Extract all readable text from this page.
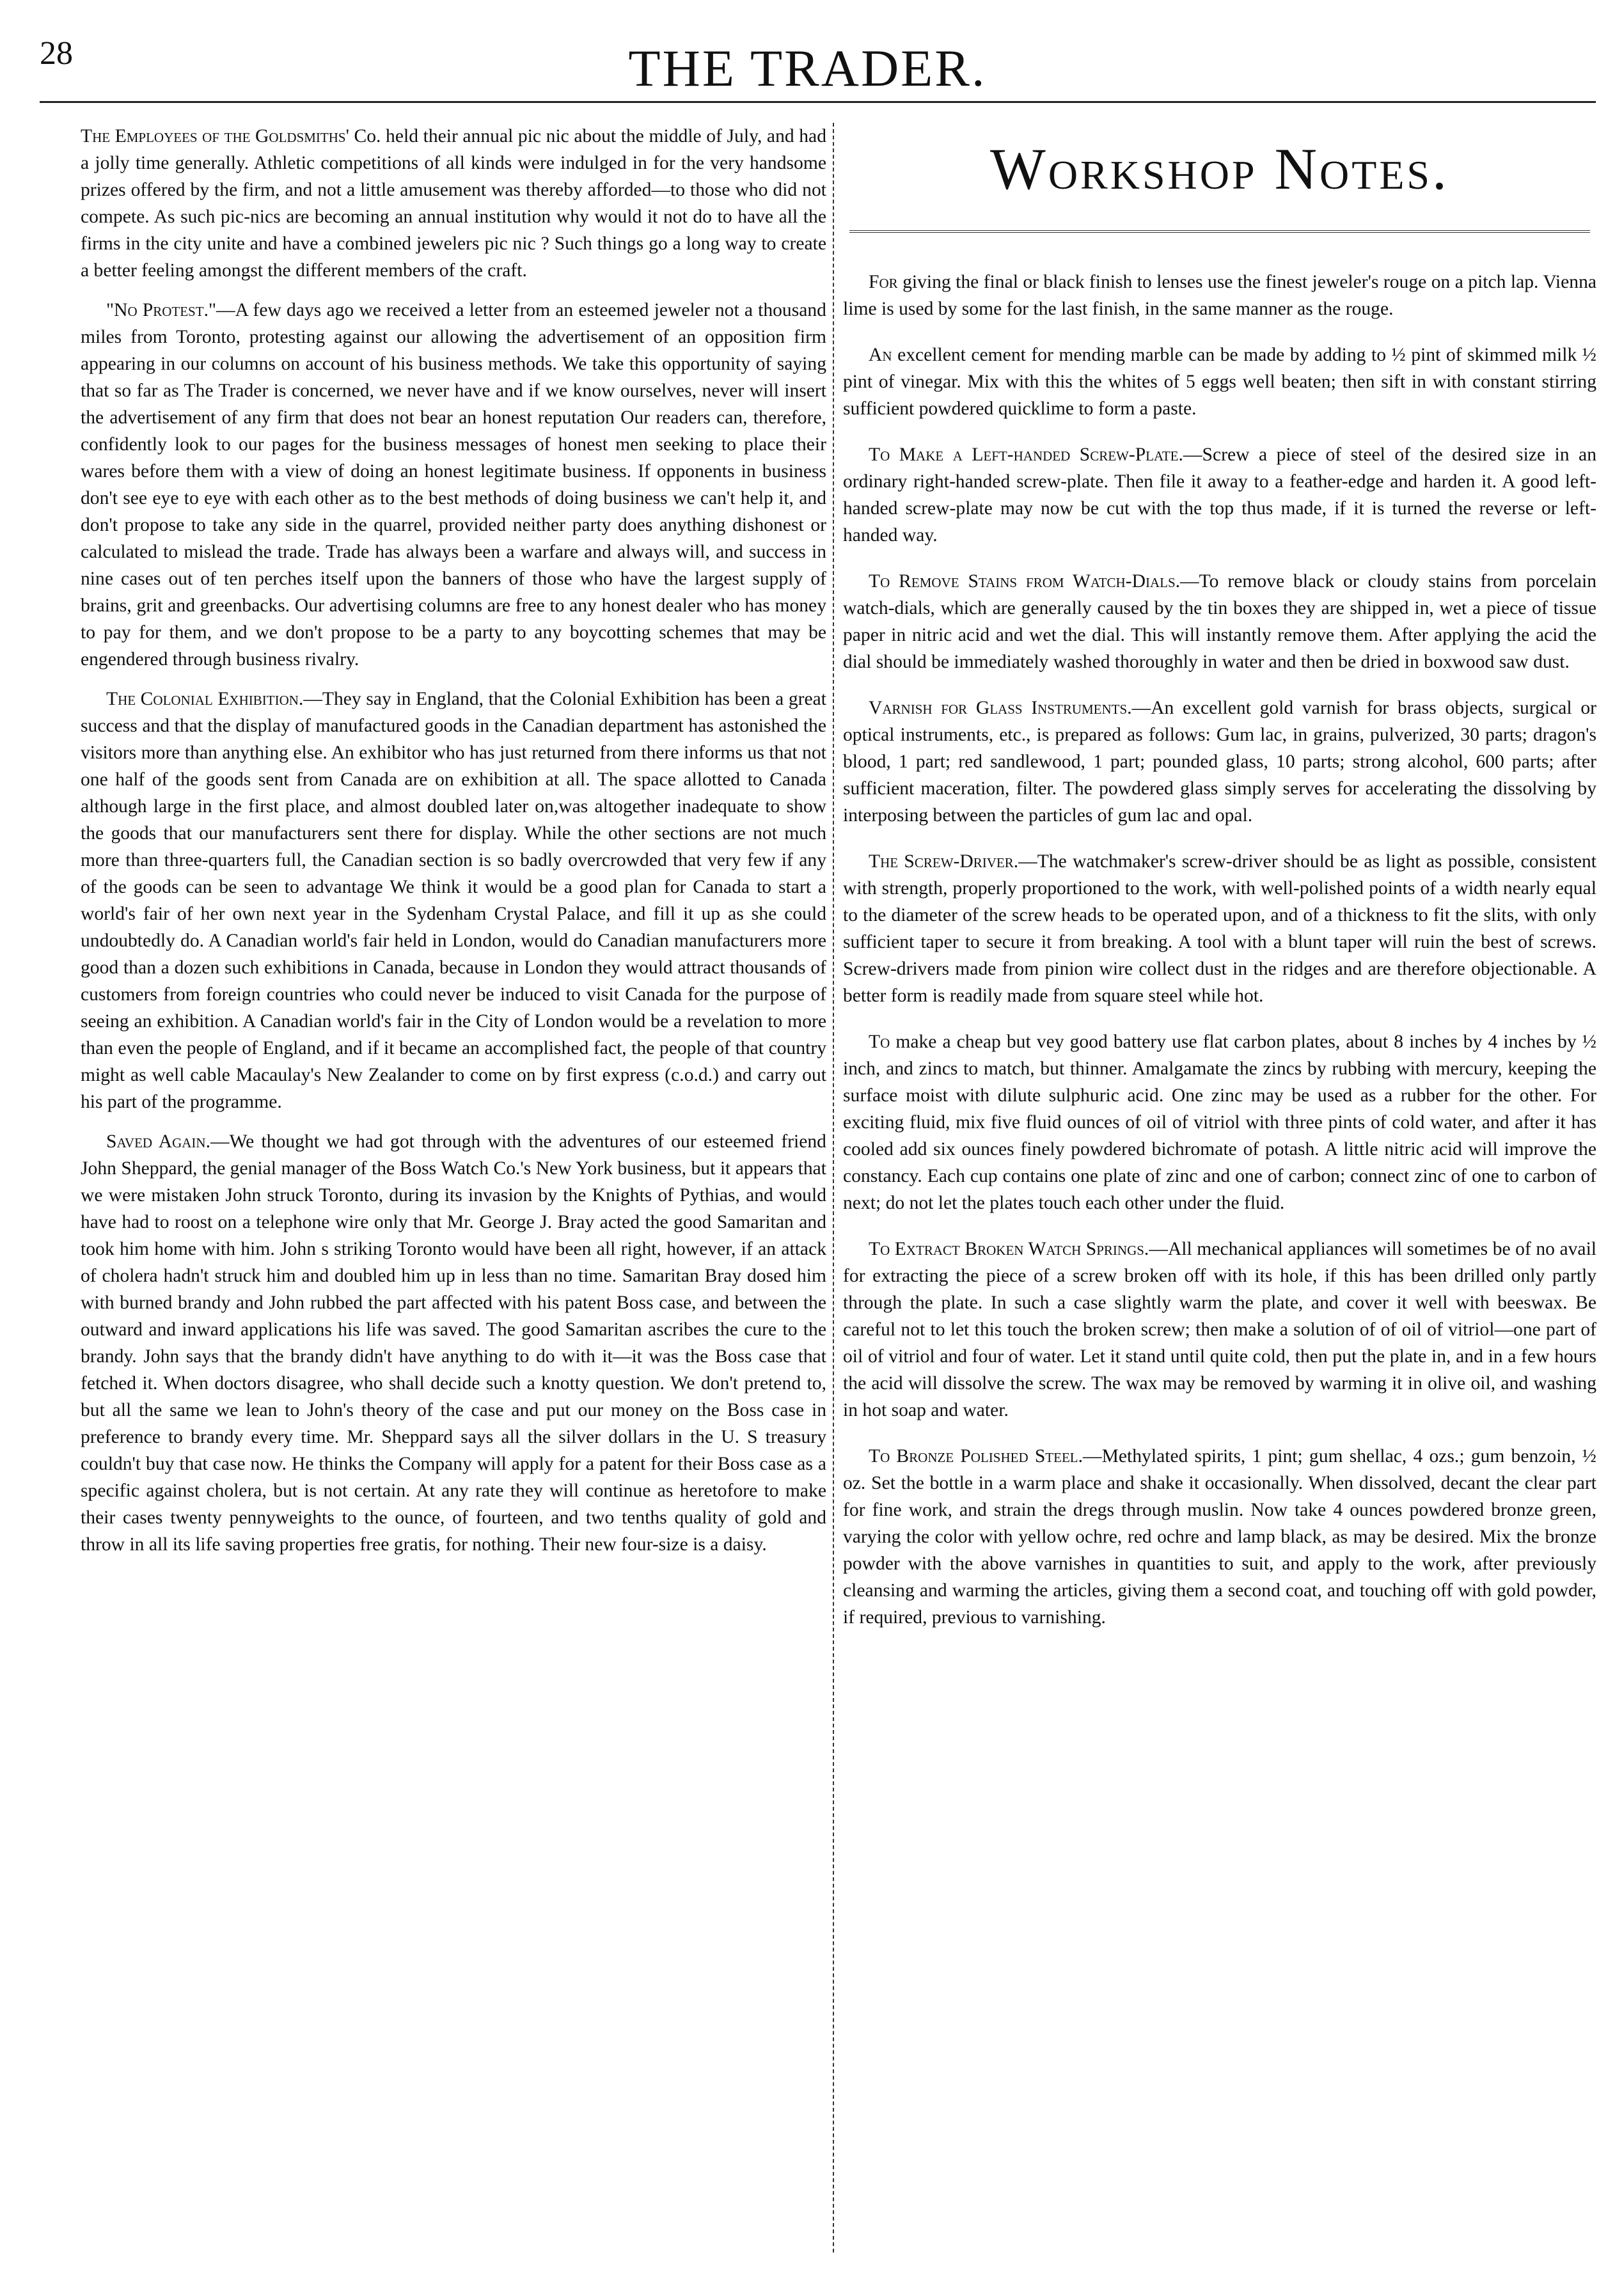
28	THE TRADER.

The Employees of the Goldsmiths' Co. held their annual pic nic about the middle of July, and had a jolly time generally. Athletic competitions of all kinds were indulged in for the very handsome prizes offered by the firm, and not a little amusement was thereby afforded—to those who did not compete. As such pic-nics are becoming an annual institution why would it not do to have all the firms in the city unite and have a combined jewelers pic nic ? Such things go a long way to create a better feeling amongst the different members of the craft.

"No Protest."—A few days ago we received a letter from an esteemed jeweler not a thousand miles from Toronto, protesting against our allowing the advertisement of an opposition firm appearing in our columns on account of his business methods. We take this opportunity of saying that so far as The Trader is concerned, we never have and if we know ourselves, never will insert the advertisement of any firm that does not bear an honest reputation Our readers can, therefore, confidently look to our pages for the business messages of honest men seeking to place their wares before them with a view of doing an honest legitimate business. If opponents in business don't see eye to eye with each other as to the best methods of doing business we can't help it, and don't propose to take any side in the quarrel, provided neither party does anything dishonest or calculated to mislead the trade. Trade has always been a warfare and always will, and success in nine cases out of ten perches itself upon the banners of those who have the largest supply of brains, grit and greenbacks. Our advertising columns are free to any honest dealer who has money to pay for them, and we don't propose to be a party to any boycotting schemes that may be engendered through business rivalry.

The Colonial Exhibition.—They say in England, that the Colonial Exhibition has been a great success and that the display of manufactured goods in the Canadian department has astonished the visitors more than anything else. An exhibitor who has just returned from there informs us that not one half of the goods sent from Canada are on exhibition at all. The space allotted to Canada although large in the first place, and almost doubled later on,was altogether inadequate to show the goods that our manufacturers sent there for display. While the other sections are not much more than three-quarters full, the Canadian section is so badly overcrowded that very few if any of the goods can be seen to advantage We think it would be a good plan for Canada to start a world's fair of her own next year in the Sydenham Crystal Palace, and fill it up as she could undoubtedly do. A Canadian world's fair held in London, would do Canadian manufacturers more good than a dozen such exhibitions in Canada, because in London they would attract thousands of customers from foreign countries who could never be induced to visit Canada for the purpose of seeing an exhibition. A Canadian world's fair in the City of London would be a revelation to more than even the people of England, and if it became an accomplished fact, the people of that country might as well cable Macaulay's New Zealander to come on by first express (c.o.d.) and carry out his part of the programme.

Saved Again.—We thought we had got through with the adventures of our esteemed friend John Sheppard, the genial manager of the Boss Watch Co.'s New York business, but it appears that we were mistaken John struck Toronto, during its invasion by the Knights of Pythias, and would have had to roost on a telephone wire only that Mr. George J. Bray acted the good Samaritan and took him home with him. John s striking Toronto would have been all right, however, if an attack of cholera hadn't struck him and doubled him up in less than no time. Samaritan Bray dosed him with burned brandy and John rubbed the part affected with his patent Boss case, and between the outward and inward applications his life was saved. The good Samaritan ascribes the cure to the brandy. John says that the brandy didn't have anything to do with it—it was the Boss case that fetched it. When doctors disagree, who shall decide such a knotty question. We don't pretend to, but all the same we lean to John's theory of the case and put our money on the Boss case in preference to brandy every time. Mr. Sheppard says all the silver dollars in the U. S treasury couldn't buy that case now. He thinks the Company will apply for a patent for their Boss case as a specific against cholera, but is not certain. At any rate they will continue as heretofore to make their cases twenty pennyweights to the ounce, of fourteen, and two tenths quality of gold and throw in all its life saving properties free gratis, for nothing. Their new four-size is a daisy.

Workshop Notes.

For giving the final or black finish to lenses use the finest jeweler's rouge on a pitch lap. Vienna lime is used by some for the last finish, in the same manner as the rouge.

An excellent cement for mending marble can be made by adding to ½ pint of skimmed milk ½ pint of vinegar. Mix with this the whites of 5 eggs well beaten; then sift in with constant stirring sufficient powdered quicklime to form a paste.

To Make a Left-handed Screw-Plate.—Screw a piece of steel of the desired size in an ordinary right-handed screw-plate. Then file it away to a feather-edge and harden it. A good left-handed screw-plate may now be cut with the top thus made, if it is turned the reverse or left-handed way.

To Remove Stains from Watch-Dials.—To remove black or cloudy stains from porcelain watch-dials, which are generally caused by the tin boxes they are shipped in, wet a piece of tissue paper in nitric acid and wet the dial. This will instantly remove them. After applying the acid the dial should be immediately washed thoroughly in water and then be dried in boxwood saw dust.

Varnish for Glass Instruments.—An excellent gold varnish for brass objects, surgical or optical instruments, etc., is prepared as follows: Gum lac, in grains, pulverized, 30 parts; dragon's blood, 1 part; red sandlewood, 1 part; pounded glass, 10 parts; strong alcohol, 600 parts; after sufficient maceration, filter. The powdered glass simply serves for accelerating the dissolving by interposing between the particles of gum lac and opal.

The Screw-Driver.—The watchmaker's screw-driver should be as light as possible, consistent with strength, properly proportioned to the work, with well-polished points of a width nearly equal to the diameter of the screw heads to be operated upon, and of a thickness to fit the slits, with only sufficient taper to secure it from breaking. A tool with a blunt taper will ruin the best of screws. Screw-drivers made from pinion wire collect dust in the ridges and are therefore objectionable. A better form is readily made from square steel while hot.

To make a cheap but vey good battery use flat carbon plates, about 8 inches by 4 inches by ½ inch, and zincs to match, but thinner. Amalgamate the zincs by rubbing with mercury, keeping the surface moist with dilute sulphuric acid. One zinc may be used as a rubber for the other. For exciting fluid, mix five fluid ounces of oil of vitriol with three pints of cold water, and after it has cooled add six ounces finely powdered bichromate of potash. A little nitric acid will improve the constancy. Each cup contains one plate of zinc and one of carbon; connect zinc of one to carbon of next; do not let the plates touch each other under the fluid.

To Extract Broken Watch Springs.—All mechanical appliances will sometimes be of no avail for extracting the piece of a screw broken off with its hole, if this has been drilled only partly through the plate. In such a case slightly warm the plate, and cover it well with beeswax. Be careful not to let this touch the broken screw; then make a solution of of oil of vitriol—one part of oil of vitriol and four of water. Let it stand until quite cold, then put the plate in, and in a few hours the acid will dissolve the screw. The wax may be removed by warming it in olive oil, and washing in hot soap and water.

To Bronze Polished Steel.—Methylated spirits, 1 pint; gum shellac, 4 ozs.; gum benzoin, ½ oz. Set the bottle in a warm place and shake it occasionally. When dissolved, decant the clear part for fine work, and strain the dregs through muslin. Now take 4 ounces powdered bronze green, varying the color with yellow ochre, red ochre and lamp black, as may be desired. Mix the bronze powder with the above varnishes in quantities to suit, and apply to the work, after previously cleansing and warming the articles, giving them a second coat, and touching off with gold powder, if required, previous to varnishing.
